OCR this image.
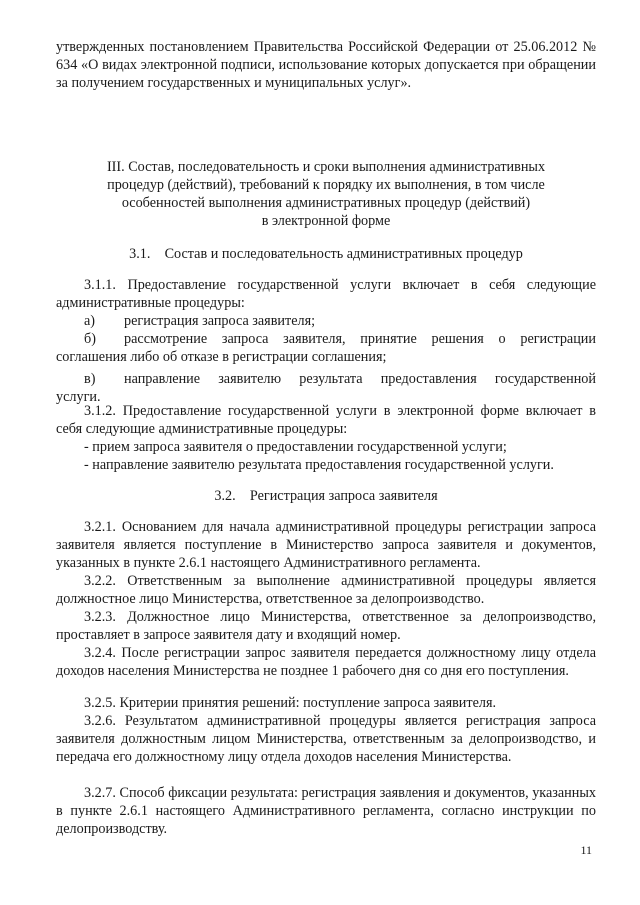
утвержденных постановлением Правительства Российской Федерации от 25.06.2012 № 634 «О видах электронной подписи, использование которых допускается при обращении за получением государственных и муниципальных услуг».

III. Состав, последовательность и сроки выполнения административных
процедур (действий), требований к порядку их выполнения, в том числе
особенностей выполнения административных процедур (действий)
в электронной форме
3.1.    Состав и последовательность административных процедур

3.1.1. Предоставление государственной услуги включает в себя следующие административные процедуры:

а)	регистрация запроса заявителя;
б)	рассмотрение запроса заявителя, принятие решения о регистрации
соглашения либо об отказе в регистрации соглашения;
в)	направление заявителю результата предоставления государственной
услуги.

3.1.2. Предоставление государственной услуги в электронной форме включает в себя следующие административные процедуры:

- прием запроса заявителя о предоставлении государственной услуги;
- направление заявителю результата предоставления государственной услуги.
3.2.    Регистрация запроса заявителя

3.2.1. Основанием для начала административной процедуры регистрации запроса заявителя является поступление в Министерство запроса заявителя и документов, указанных в пункте 2.6.1 настоящего Административного регламента.

3.2.2. Ответственным за выполнение административной процедуры является должностное лицо Министерства, ответственное за делопроизводство.

3.2.3. Должностное лицо Министерства, ответственное за делопроизводство, проставляет в запросе заявителя дату и входящий номер.

3.2.4. После регистрации запрос заявителя передается должностному лицу отдела доходов населения Министерства не позднее 1 рабочего дня со дня его поступления.

3.2.5. Критерии принятия решений: поступление запроса заявителя.

3.2.6. Результатом административной процедуры является регистрация запроса заявителя должностным лицом Министерства, ответственным за делопроизводство, и передача его должностному лицу отдела доходов населения Министерства.

3.2.7. Способ фиксации результата: регистрация заявления и документов, указанных в пункте 2.6.1 настоящего Административного регламента, согласно инструкции по делопроизводству.

11
